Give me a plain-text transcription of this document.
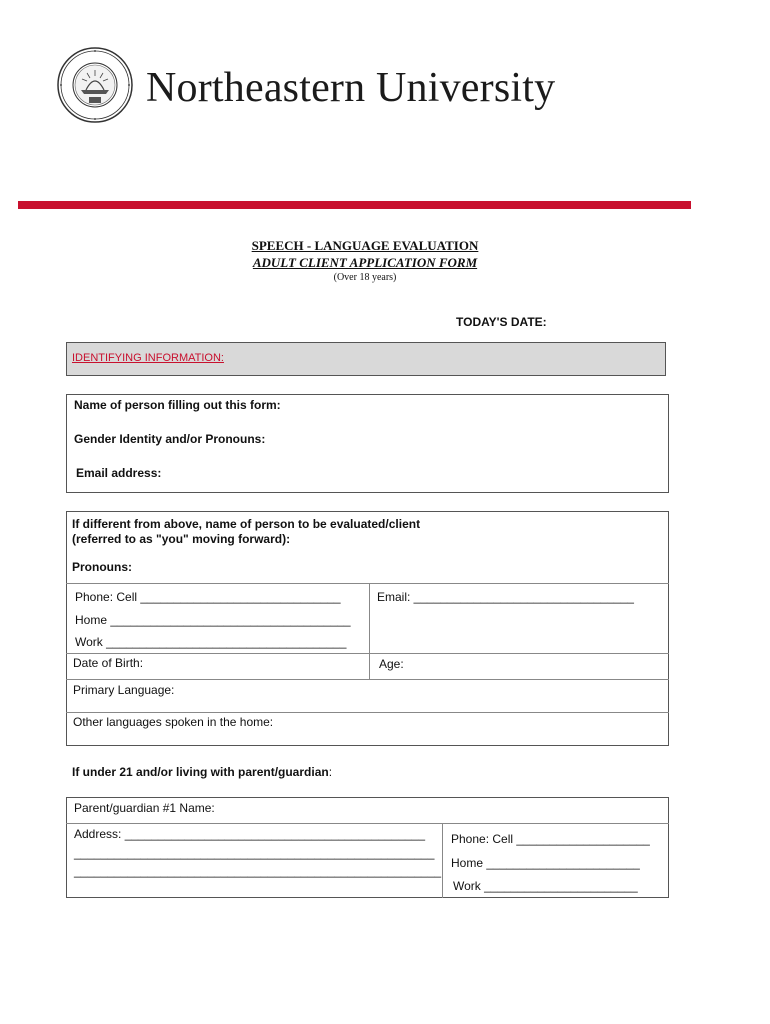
Northeastern University
SPEECH - LANGUAGE EVALUATION
ADULT CLIENT APPLICATION FORM
(Over 18 years)
TODAY'S DATE:
IDENTIFYING INFORMATION:
Name of person filling out this form:
Gender Identity and/or Pronouns:
Email address:
If different from above, name of person to be evaluated/client
(referred to as "you" moving forward):
Pronouns:
Phone: Cell ______________________________	Email: _________________________________
Home ____________________________________
Work ____________________________________
Date of Birth:	Age:
Primary Language:
Other languages spoken in the home:
If under 21 and/or living with parent/guardian:
Parent/guardian #1 Name:
Address: _____________________________________________
______________________________________________________
_______________________________________________________
Phone: Cell ____________________
Home _______________________
Work _______________________
